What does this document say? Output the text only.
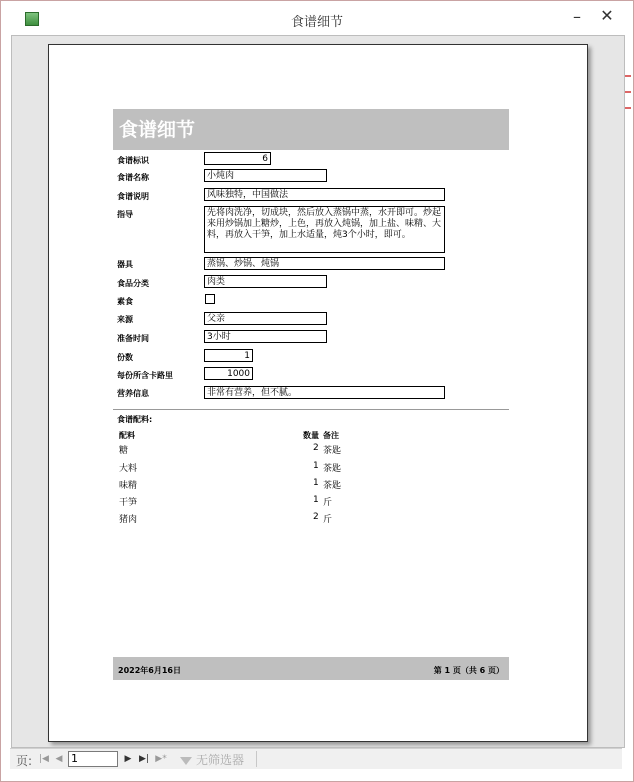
食谱细节	–	✕
食谱细节
食谱标识	6
食谱名称	小炖肉
食谱说明	风味独特，中国做法
指导	先将肉洗净，切成块，然后放入蒸锅中蒸，水开即可。炒起来用炒锅加上糖炒，上色，再放入炖锅，加上盐、味精、大料，再放入干笋，加上水适量，炖3个小时，即可。
器具	蒸锅、炒锅、炖锅
食品分类	肉类
素食
来源	父亲
准备时间	3小时
份数	1
每份所含卡路里	1000
营养信息	非常有营养，但不腻。
食谱配料:
配料	数量 备注
糖	2 茶匙
大料	1 茶匙
味精	1 茶匙
干笋	1 斤
猪肉	2 斤
2022年6月16日	第 1 页（共 6 页）
页: |◀ ◀ 1	▶ ▶| ▶*	无筛选器
